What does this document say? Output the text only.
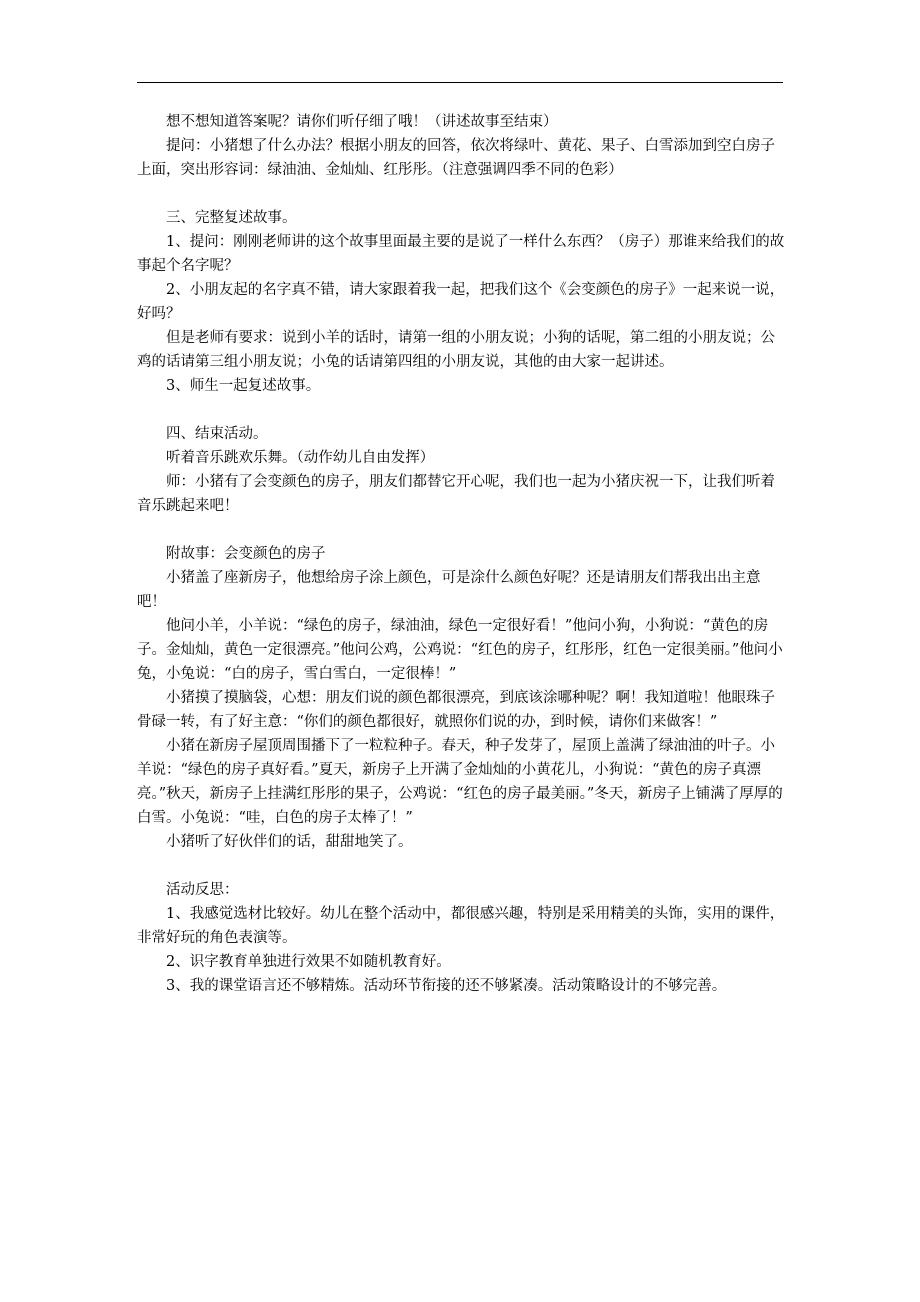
想不想知道答案呢？请你们听仔细了哦！（讲述故事至结束）

提问：小猪想了什么办法？根据小朋友的回答，依次将绿叶、黄花、果子、白雪添加到空白房子上面，突出形容词：绿油油、金灿灿、红彤彤。（注意强调四季不同的色彩）

三、完整复述故事。

1、提问：刚刚老师讲的这个故事里面最主要的是说了一样什么东西？（房子）那谁来给我们的故事起个名字呢？

2、小朋友起的名字真不错，请大家跟着我一起，把我们这个《会变颜色的房子》一起来说一说，好吗？

但是老师有要求：说到小羊的话时，请第一组的小朋友说；小狗的话呢，第二组的小朋友说；公鸡的话请第三组小朋友说；小兔的话请第四组的小朋友说，其他的由大家一起讲述。

3、师生一起复述故事。

四、结束活动。

听着音乐跳欢乐舞。（动作幼儿自由发挥）

师：小猪有了会变颜色的房子，朋友们都替它开心呢，我们也一起为小猪庆祝一下，让我们听着音乐跳起来吧！

附故事：会变颜色的房子

小猪盖了座新房子，他想给房子涂上颜色，可是涂什么颜色好呢？还是请朋友们帮我出出主意吧！

他问小羊，小羊说：“绿色的房子，绿油油，绿色一定很好看！”他问小狗，小狗说：“黄色的房子。金灿灿，黄色一定很漂亮。”他问公鸡，公鸡说：“红色的房子，红彤彤，红色一定很美丽。”他问小兔，小兔说：“白的房子，雪白雪白，一定很棒！”

小猪摸了摸脑袋，心想：朋友们说的颜色都很漂亮，到底该涂哪种呢？啊！我知道啦！他眼珠子骨碌一转，有了好主意：“你们的颜色都很好，就照你们说的办，到时候，请你们来做客！”

小猪在新房子屋顶周围播下了一粒粒种子。春天，种子发芽了，屋顶上盖满了绿油油的叶子。小羊说：“绿色的房子真好看。”夏天，新房子上开满了金灿灿的小黄花儿，小狗说：“黄色的房子真漂亮。”秋天，新房子上挂满红彤彤的果子，公鸡说：“红色的房子最美丽。”冬天，新房子上铺满了厚厚的白雪。小兔说：“哇，白色的房子太棒了！”

小猪听了好伙伴们的话，甜甜地笑了。

活动反思：

1、我感觉选材比较好。幼儿在整个活动中，都很感兴趣，特别是采用精美的头饰，实用的课件，非常好玩的角色表演等。

2、识字教育单独进行效果不如随机教育好。

3、我的课堂语言还不够精炼。活动环节衔接的还不够紧凑。活动策略设计的不够完善。
